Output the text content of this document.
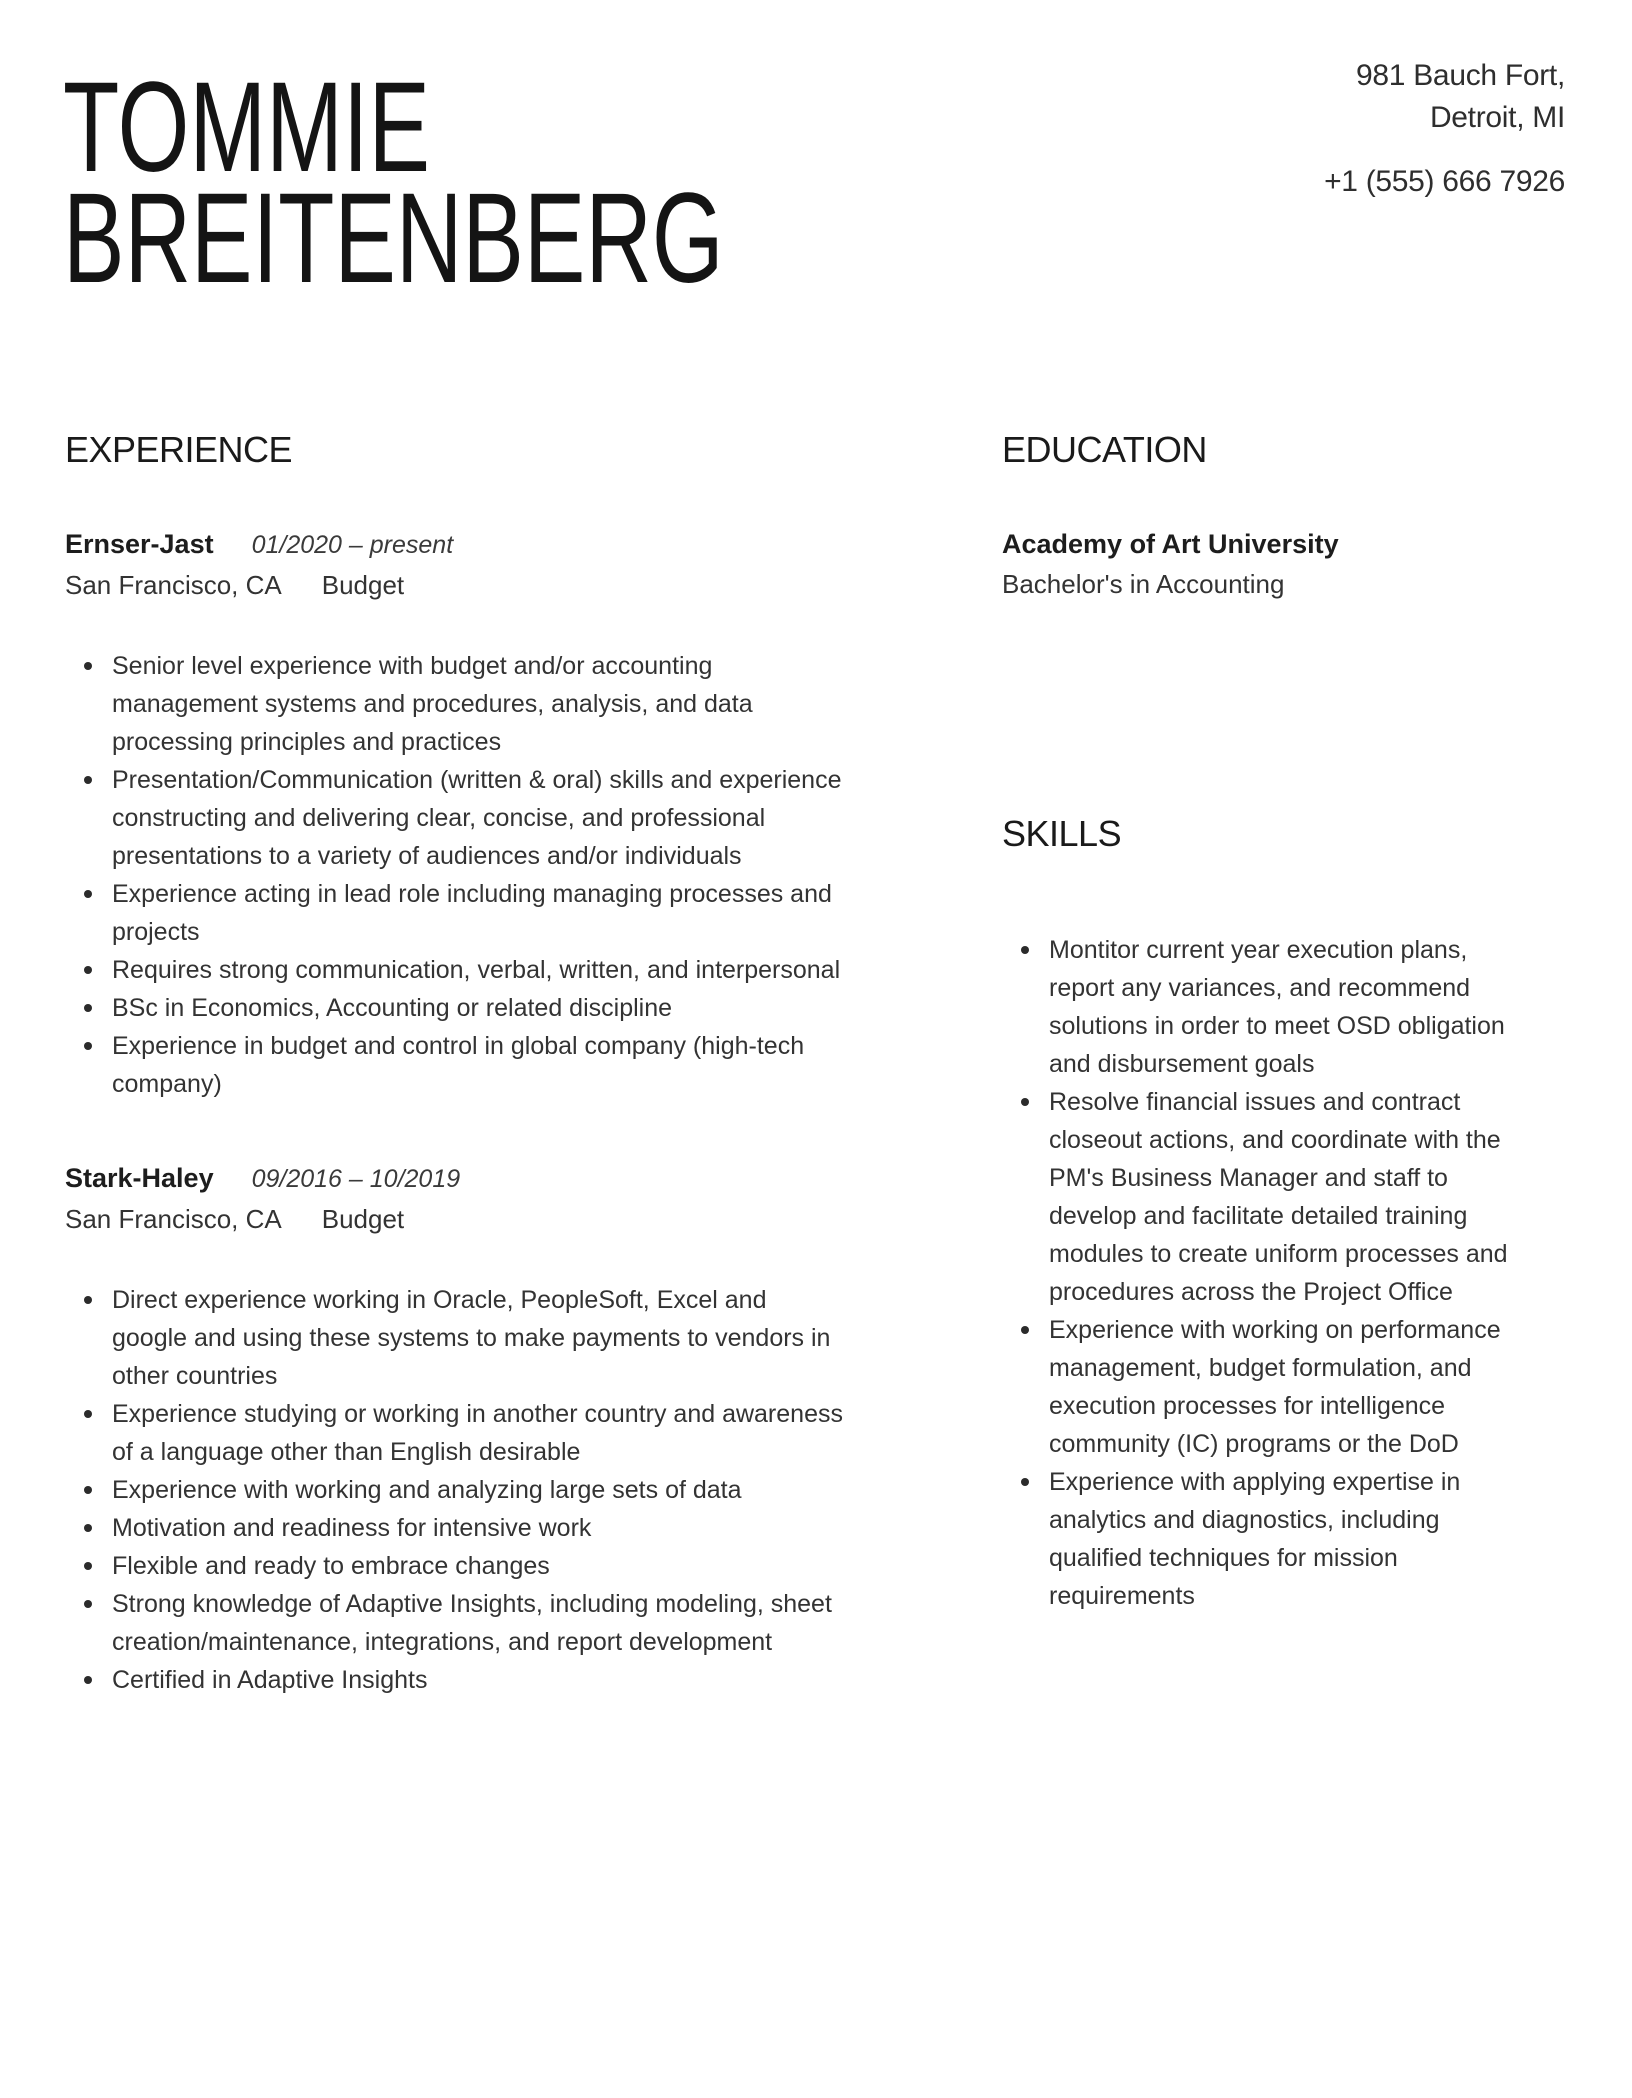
TOMMIE
BREITENBERG
981 Bauch Fort,
Detroit, MI
+1 (555) 666 7926
EXPERIENCE
Ernser-Jast 01/2020 – present
San Francisco, CA Budget
Senior level experience with budget and/or accounting management systems and procedures, analysis, and data processing principles and practices
Presentation/Communication (written & oral) skills and experience constructing and delivering clear, concise, and professional presentations to a variety of audiences and/or individuals
Experience acting in lead role including managing processes and projects
Requires strong communication, verbal, written, and interpersonal
BSc in Economics, Accounting or related discipline
Experience in budget and control in global company (high-tech company)
Stark-Haley 09/2016 – 10/2019
San Francisco, CA Budget
Direct experience working in Oracle, PeopleSoft, Excel and google and using these systems to make payments to vendors in other countries
Experience studying or working in another country and awareness of a language other than English desirable
Experience with working and analyzing large sets of data
Motivation and readiness for intensive work
Flexible and ready to embrace changes
Strong knowledge of Adaptive Insights, including modeling, sheet creation/maintenance, integrations, and report development
Certified in Adaptive Insights
EDUCATION
Academy of Art University
Bachelor's in Accounting
SKILLS
Montitor current year execution plans, report any variances, and recommend solutions in order to meet OSD obligation and disbursement goals
Resolve financial issues and contract closeout actions, and coordinate with the PM's Business Manager and staff to develop and facilitate detailed training modules to create uniform processes and procedures across the Project Office
Experience with working on performance management, budget formulation, and execution processes for intelligence community (IC) programs or the DoD
Experience with applying expertise in analytics and diagnostics, including qualified techniques for mission requirements
